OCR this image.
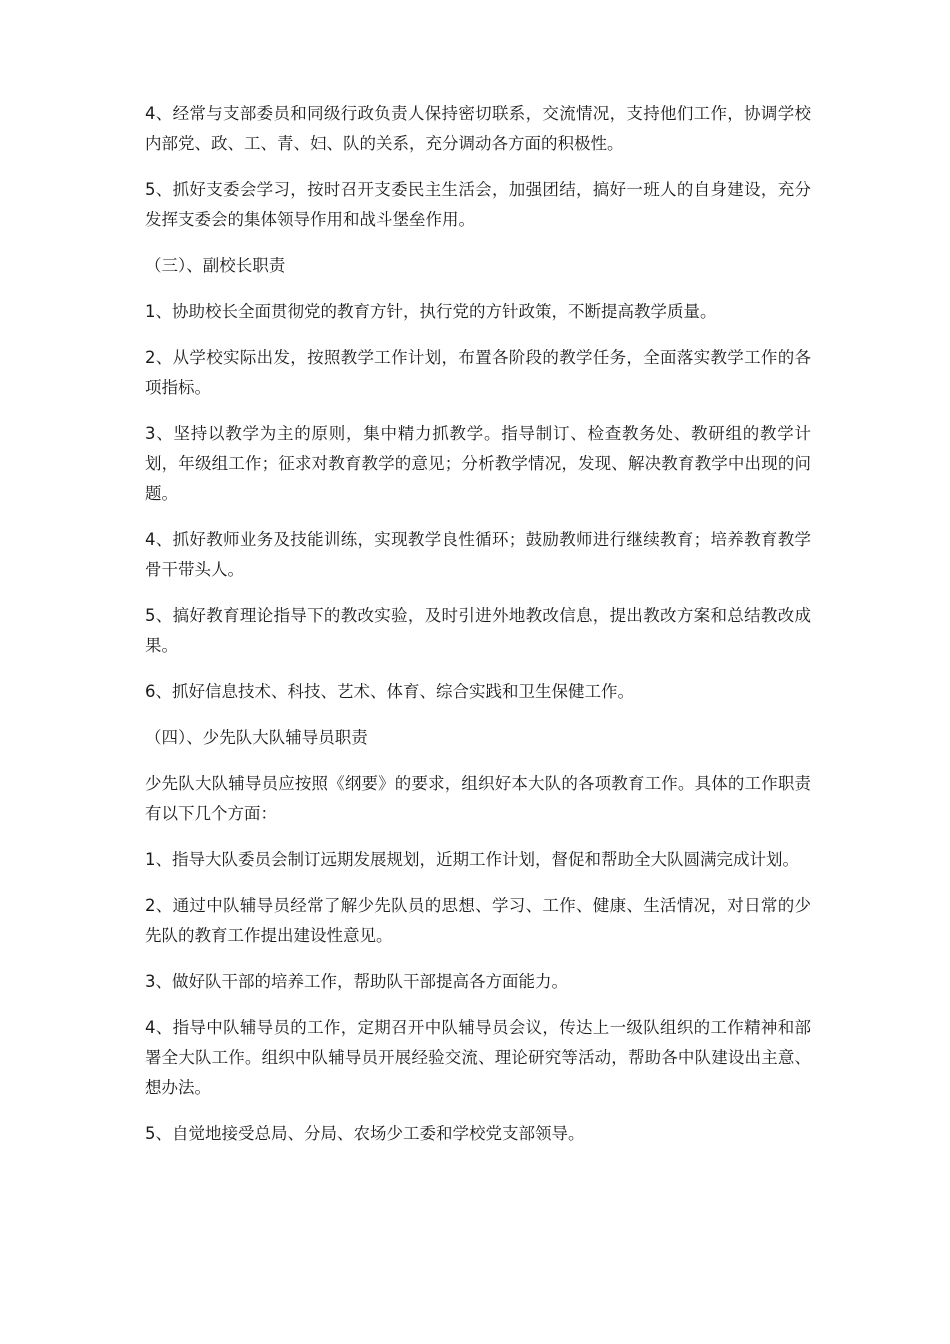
4、经常与支部委员和同级行政负责人保持密切联系，交流情况，支持他们工作，协调学校内部党、政、工、青、妇、队的关系，充分调动各方面的积极性。

5、抓好支委会学习，按时召开支委民主生活会，加强团结，搞好一班人的自身建设，充分发挥支委会的集体领导作用和战斗堡垒作用。

（三）、副校长职责

1、协助校长全面贯彻党的教育方针，执行党的方针政策，不断提高教学质量。

2、从学校实际出发，按照教学工作计划，布置各阶段的教学任务，全面落实教学工作的各项指标。

3、坚持以教学为主的原则，集中精力抓教学。指导制订、检查教务处、教研组的教学计划，年级组工作；征求对教育教学的意见；分析教学情况，发现、解决教育教学中出现的问题。

4、抓好教师业务及技能训练，实现教学良性循环；鼓励教师进行继续教育；培养教育教学骨干带头人。

5、搞好教育理论指导下的教改实验，及时引进外地教改信息，提出教改方案和总结教改成果。

6、抓好信息技术、科技、艺术、体育、综合实践和卫生保健工作。

（四）、少先队大队辅导员职责

少先队大队辅导员应按照《纲要》的要求，组织好本大队的各项教育工作。具体的工作职责有以下几个方面：

1、指导大队委员会制订远期发展规划，近期工作计划，督促和帮助全大队圆满完成计划。

2、通过中队辅导员经常了解少先队员的思想、学习、工作、健康、生活情况，对日常的少先队的教育工作提出建设性意见。

3、做好队干部的培养工作，帮助队干部提高各方面能力。

4、指导中队辅导员的工作，定期召开中队辅导员会议，传达上一级队组织的工作精神和部署全大队工作。组织中队辅导员开展经验交流、理论研究等活动，帮助各中队建设出主意、想办法。

5、自觉地接受总局、分局、农场少工委和学校党支部领导。
